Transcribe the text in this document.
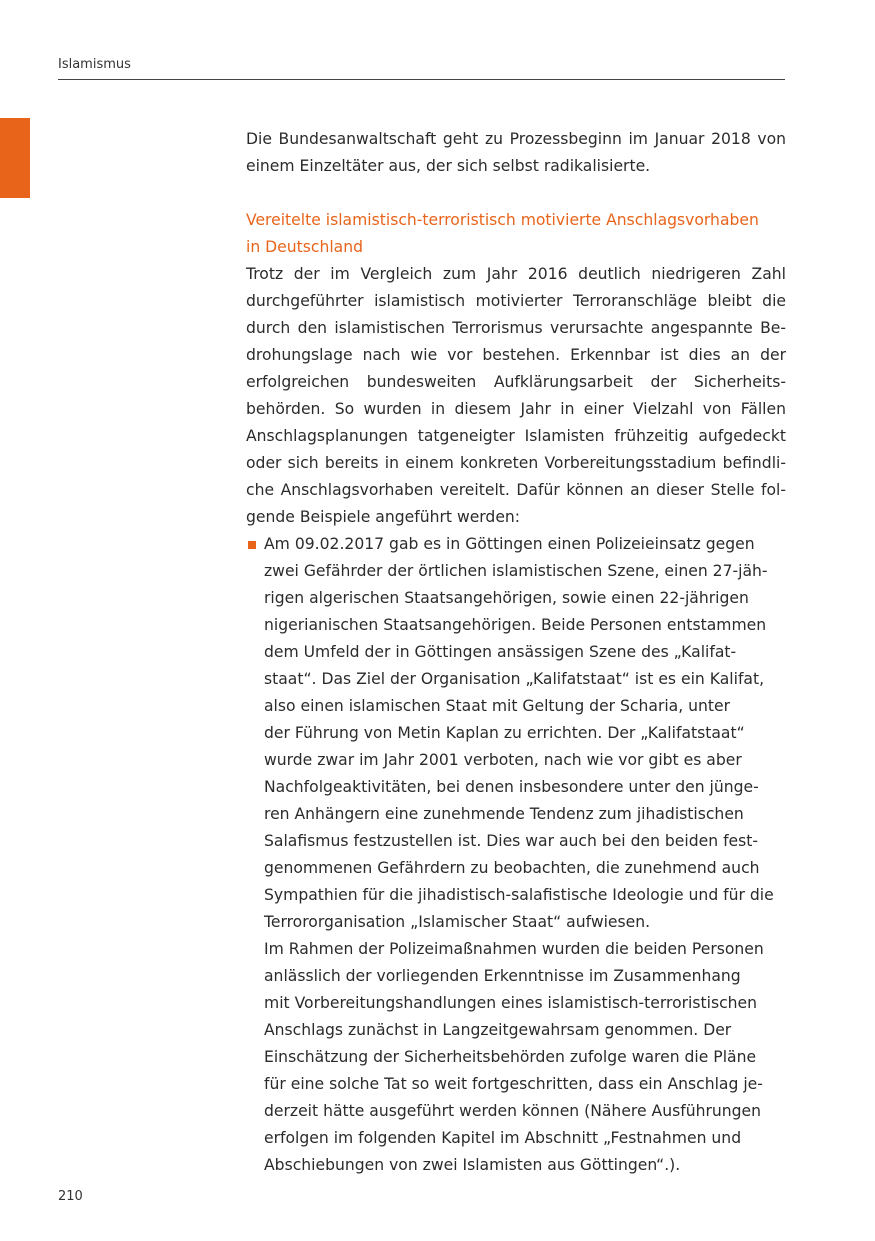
Islamismus

Die Bundesanwaltschaft geht zu Prozessbeginn im Januar 2018 von
einem Einzeltäter aus, der sich selbst radikalisierte.

Vereitelte islamistisch-terroristisch motivierte Anschlagsvorhaben
in Deutschland

Trotz der im Vergleich zum Jahr 2016 deutlich niedrigeren Zahl
durchgeführter islamistisch motivierter Terroranschläge bleibt die
durch den islamistischen Terrorismus verursachte angespannte Be-
drohungslage nach wie vor bestehen. Erkennbar ist dies an der
erfolgreichen bundesweiten Aufklärungsarbeit der Sicherheits-
behörden. So wurden in diesem Jahr in einer Vielzahl von Fällen
Anschlagsplanungen tatgeneigter Islamisten frühzeitig aufgedeckt
oder sich bereits in einem konkreten Vorbereitungsstadium befindli-
che Anschlagsvorhaben vereitelt. Dafür können an dieser Stelle fol-
gende Beispiele angeführt werden:

Am 09.02.2017 gab es in Göttingen einen Polizeieinsatz gegen
zwei Gefährder der örtlichen islamistischen Szene, einen 27-jäh-
rigen algerischen Staatsangehörigen, sowie einen 22-jährigen
nigerianischen Staatsangehörigen. Beide Personen entstammen
dem Umfeld der in Göttingen ansässigen Szene des „Kalifat-
staat“. Das Ziel der Organisation „Kalifatstaat“ ist es ein Kalifat,
also einen islamischen Staat mit Geltung der Scharia, unter
der Führung von Metin Kaplan zu errichten. Der „Kalifatstaat“
wurde zwar im Jahr 2001 verboten, nach wie vor gibt es aber
Nachfolgeaktivitäten, bei denen insbesondere unter den jünge-
ren Anhängern eine zunehmende Tendenz zum jihadistischen
Salafismus festzustellen ist. Dies war auch bei den beiden fest-
genommenen Gefährdern zu beobachten, die zunehmend auch
Sympathien für die jihadistisch-salafistische Ideologie und für die
Terrororganisation „Islamischer Staat“ aufwiesen.
Im Rahmen der Polizeimaßnahmen wurden die beiden Personen
anlässlich der vorliegenden Erkenntnisse im Zusammenhang
mit Vorbereitungshandlungen eines islamistisch-terroristischen
Anschlags zunächst in Langzeitgewahrsam genommen. Der
Einschätzung der Sicherheitsbehörden zufolge waren die Pläne
für eine solche Tat so weit fortgeschritten, dass ein Anschlag je-
derzeit hätte ausgeführt werden können (Nähere Ausführungen
erfolgen im folgenden Kapitel im Abschnitt „Festnahmen und
Abschiebungen von zwei Islamisten aus Göttingen“.).
210
